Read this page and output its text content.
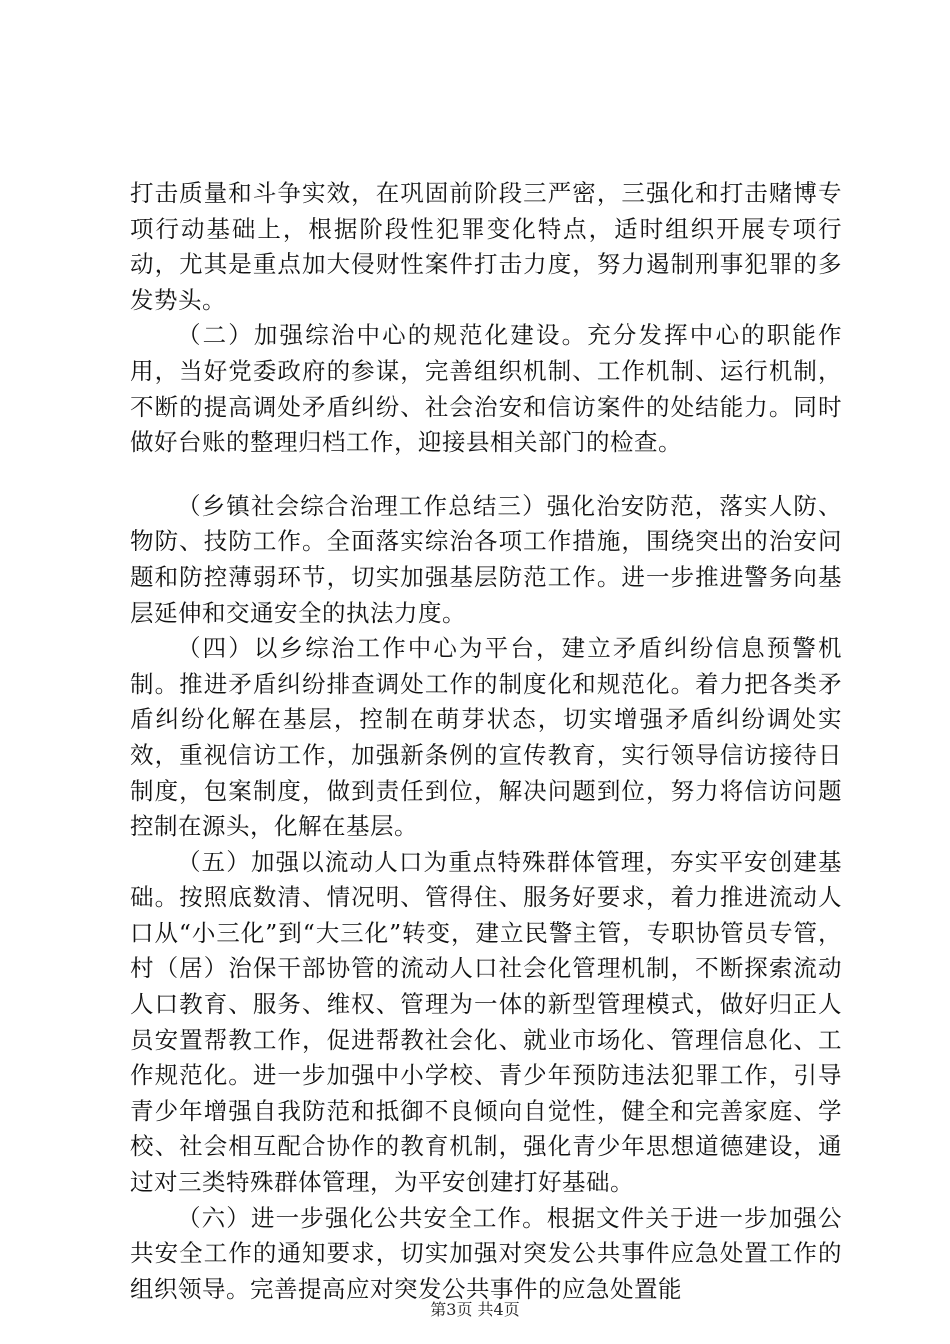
打击质量和斗争实效，在巩固前阶段三严密，三强化和打击赌博专项行动基础上，根据阶段性犯罪变化特点，适时组织开展专项行动，尤其是重点加大侵财性案件打击力度，努力遏制刑事犯罪的多发势头。

（二）加强综治中心的规范化建设。充分发挥中心的职能作用，当好党委政府的参谋，完善组织机制、工作机制、运行机制，不断的提高调处矛盾纠纷、社会治安和信访案件的处结能力。同时做好台账的整理归档工作，迎接县相关部门的检查。

（乡镇社会综合治理工作总结三）强化治安防范，落实人防、物防、技防工作。全面落实综治各项工作措施，围绕突出的治安问题和防控薄弱环节，切实加强基层防范工作。进一步推进警务向基层延伸和交通安全的执法力度。

（四）以乡综治工作中心为平台，建立矛盾纠纷信息预警机制。推进矛盾纠纷排查调处工作的制度化和规范化。着力把各类矛盾纠纷化解在基层，控制在萌芽状态，切实增强矛盾纠纷调处实效，重视信访工作，加强新条例的宣传教育，实行领导信访接待日制度，包案制度，做到责任到位，解决问题到位，努力将信访问题控制在源头，化解在基层。

（五）加强以流动人口为重点特殊群体管理，夯实平安创建基础。按照底数清、情况明、管得住、服务好要求，着力推进流动人口从“小三化”到“大三化”转变，建立民警主管，专职协管员专管，村（居）治保干部协管的流动人口社会化管理机制，不断探索流动人口教育、服务、维权、管理为一体的新型管理模式，做好归正人员安置帮教工作，促进帮教社会化、就业市场化、管理信息化、工作规范化。进一步加强中小学校、青少年预防违法犯罪工作，引导青少年增强自我防范和抵御不良倾向自觉性，健全和完善家庭、学校、社会相互配合协作的教育机制，强化青少年思想道德建设，通过对三类特殊群体管理，为平安创建打好基础。

（六）进一步强化公共安全工作。根据文件关于进一步加强公共安全工作的通知要求，切实加强对突发公共事件应急处置工作的组织领导。完善提高应对突发公共事件的应急处置能

第3页 共4页
